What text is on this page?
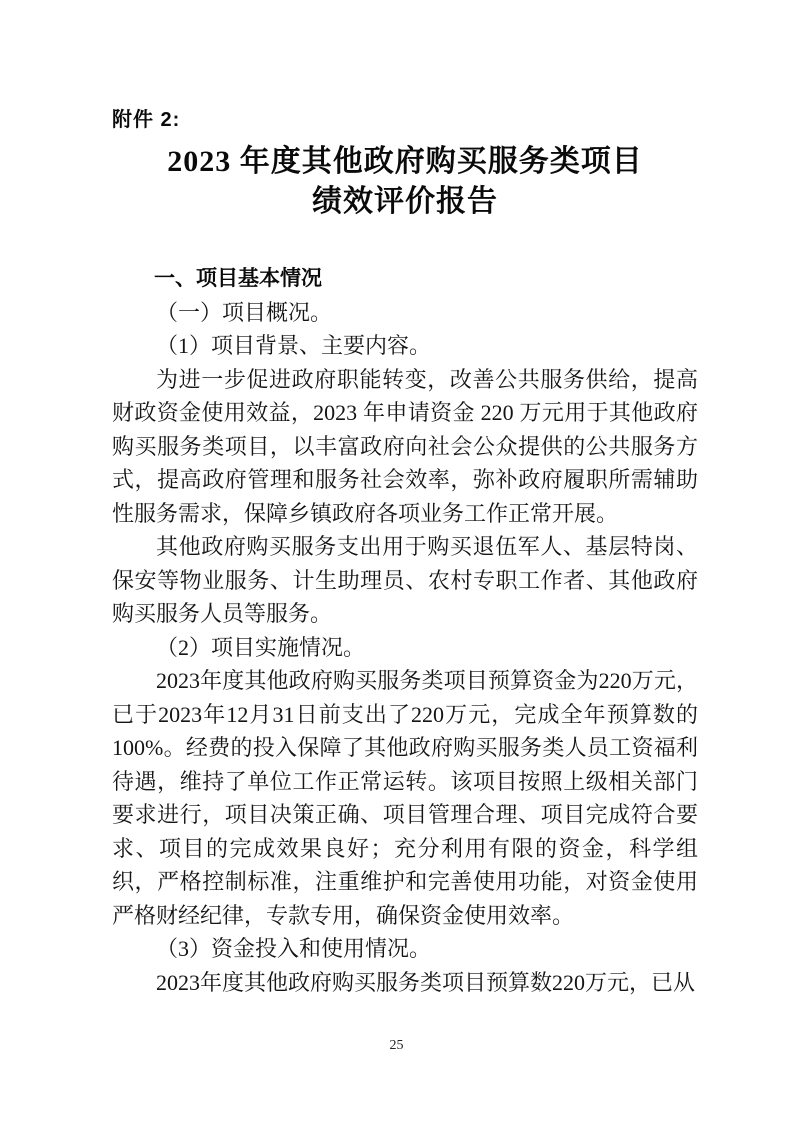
附件 2:
2023 年度其他政府购买服务类项目
绩效评价报告
一、项目基本情况

（一）项目概况。

（1）项目背景、主要内容。

为进一步促进政府职能转变，改善公共服务供给，提高财政资金使用效益，2023 年申请资金 220 万元用于其他政府购买服务类项目，以丰富政府向社会公众提供的公共服务方式，提高政府管理和服务社会效率，弥补政府履职所需辅助性服务需求，保障乡镇政府各项业务工作正常开展。

其他政府购买服务支出用于购买退伍军人、基层特岗、保安等物业服务、计生助理员、农村专职工作者、其他政府购买服务人员等服务。

（2）项目实施情况。

2023年度其他政府购买服务类项目预算资金为220万元，已于2023年12月31日前支出了220万元，完成全年预算数的100%。经费的投入保障了其他政府购买服务类人员工资福利待遇，维持了单位工作正常运转。该项目按照上级相关部门要求进行，项目决策正确、项目管理合理、项目完成符合要求、项目的完成效果良好；充分利用有限的资金，科学组织，严格控制标准，注重维护和完善使用功能，对资金使用严格财经纪律，专款专用，确保资金使用效率。

（3）资金投入和使用情况。

2023年度其他政府购买服务类项目预算数220万元，已从

25
